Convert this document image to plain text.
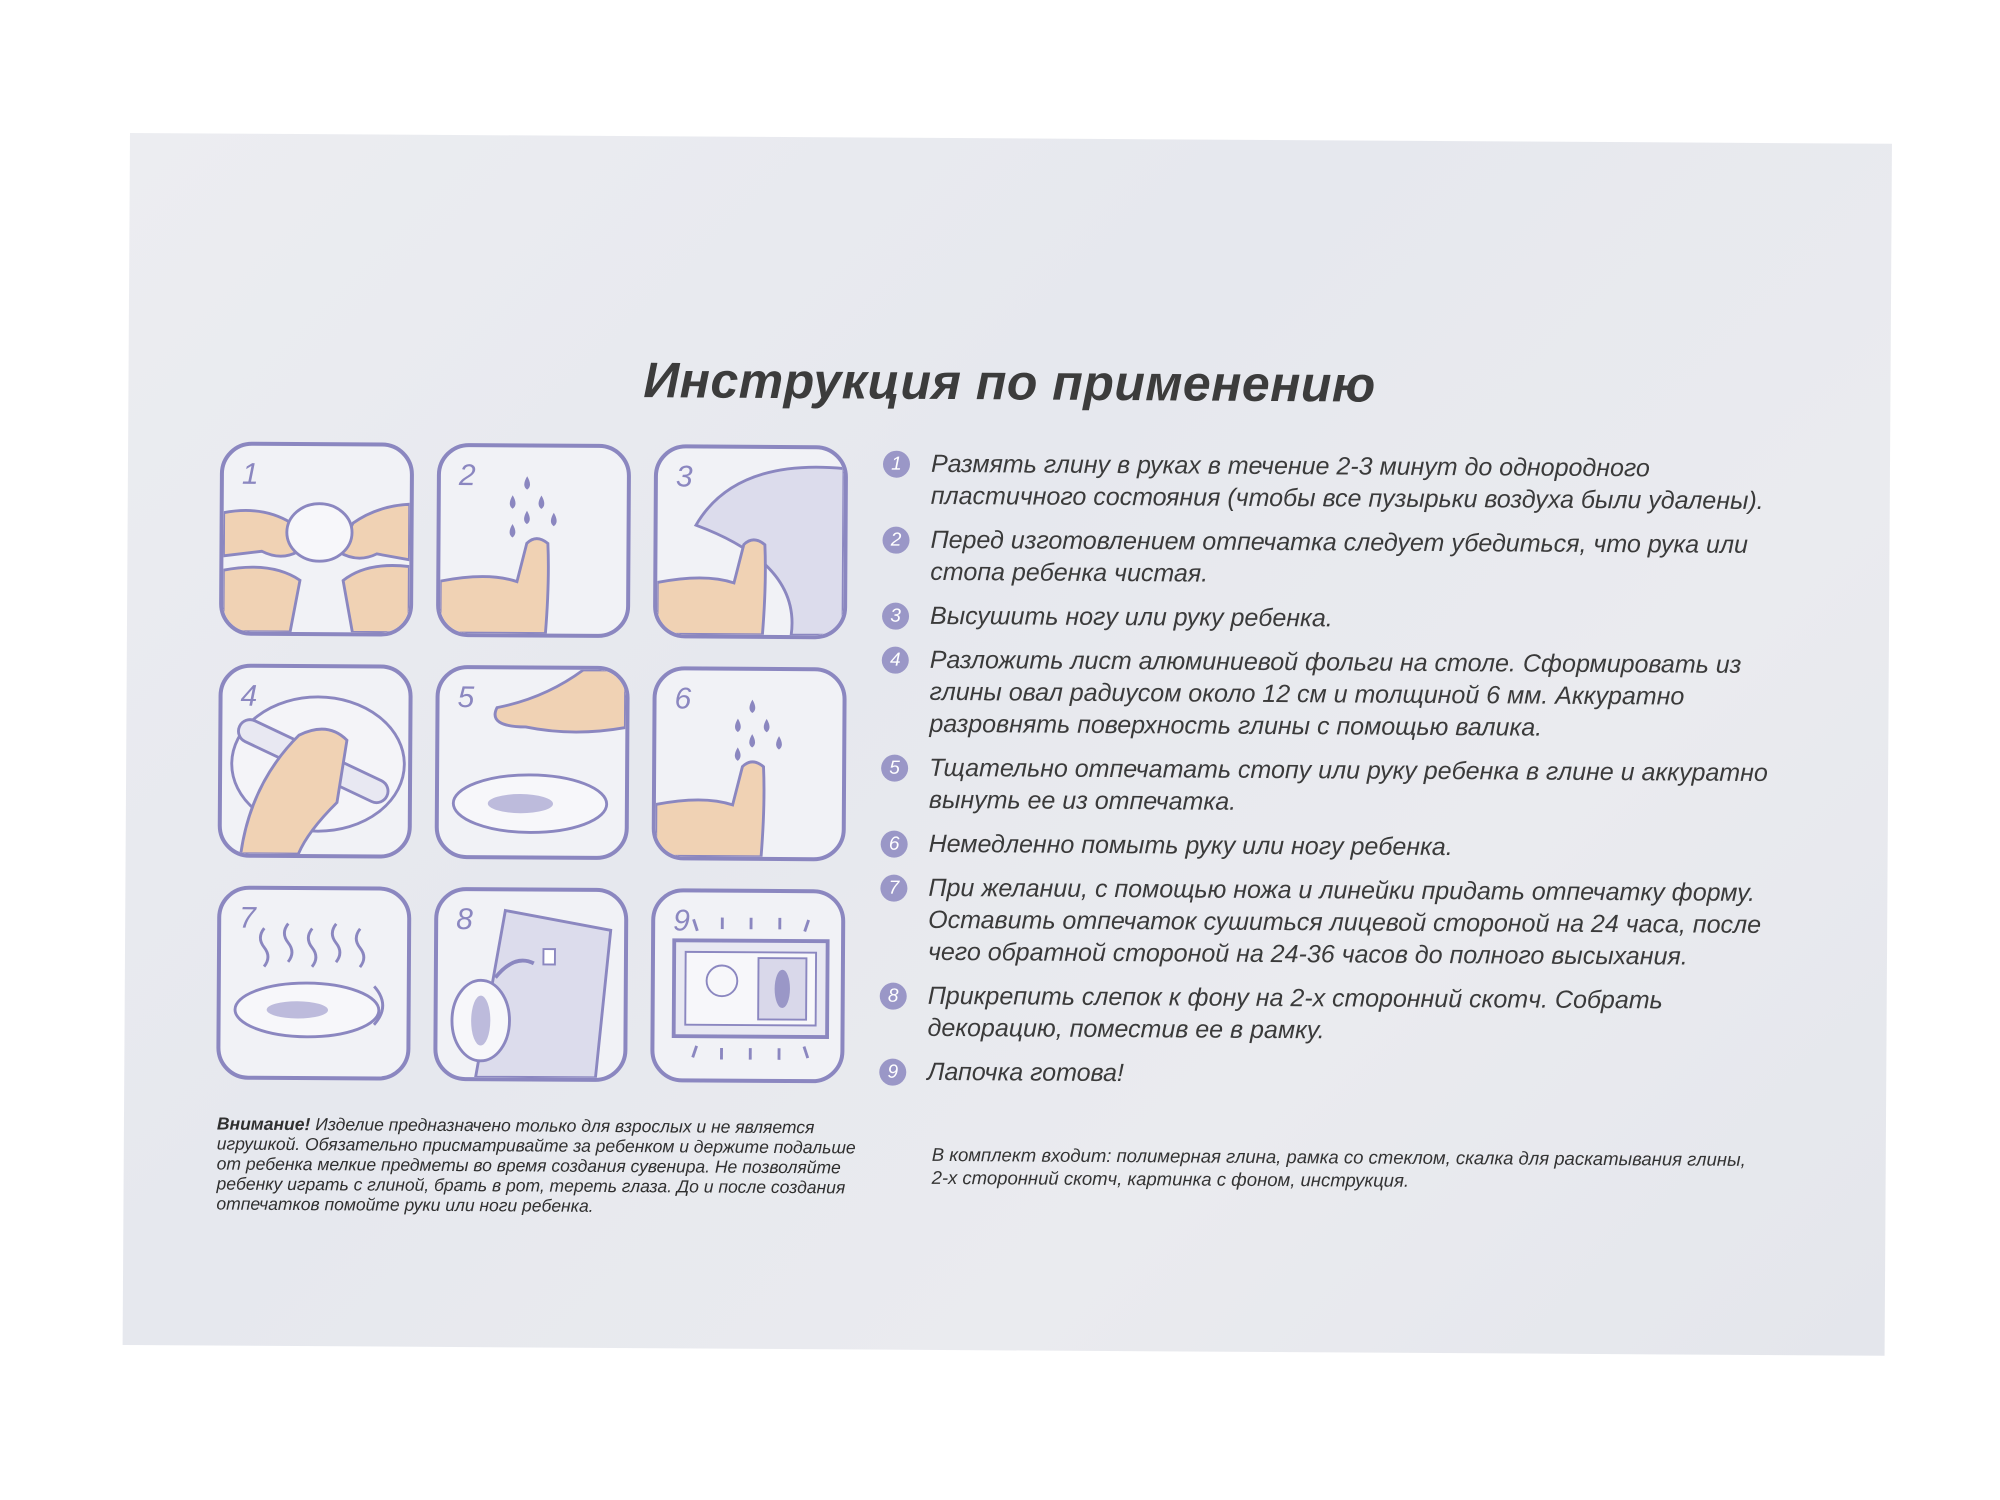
Инструкция по применению
1	2	3
4	5	6
7	8	9
1	Размять глину в руках в течение 2-3 минут до однородного пластичного состояния (чтобы все пузырьки воздуха были удалены).
2	Перед изготовлением отпечатка следует убедиться, что рука или стопа ребенка чистая.
3	Высушить ногу или руку ребенка.
4	Разложить лист алюминиевой фольги на столе. Сформировать из глины овал радиусом около 12 см и толщиной 6 мм. Аккуратно разровнять поверхность глины с помощью валика.
5	Тщательно отпечатать стопу или руку ребенка в глине и аккуратно вынуть ее из отпечатка.
6	Немедленно помыть руку или ногу ребенка.
7	При желании, с помощью ножа и линейки придать отпечатку форму. Оставить отпечаток сушиться лицевой стороной на 24 часа, после чего обратной стороной на 24-36 часов до полного высыхания.
8	Прикрепить слепок к фону на 2-х сторонний скотч. Собрать декорацию, поместив ее в рамку.
9	Лапочка готова!
Внимание! Изделие предназначено только для взрослых и не является игрушкой. Обязательно присматривайте за ребенком и держите подальше от ребенка мелкие предметы во время создания сувенира. Не позволяйте ребенку играть с глиной, брать в рот, тереть глаза. До и после создания отпечатков помойте руки или ноги ребенка.
В комплект входит: полимерная глина, рамка со стеклом, скалка для раскатывания глины, 2-х сторонний скотч, картинка с фоном, инструкция.
